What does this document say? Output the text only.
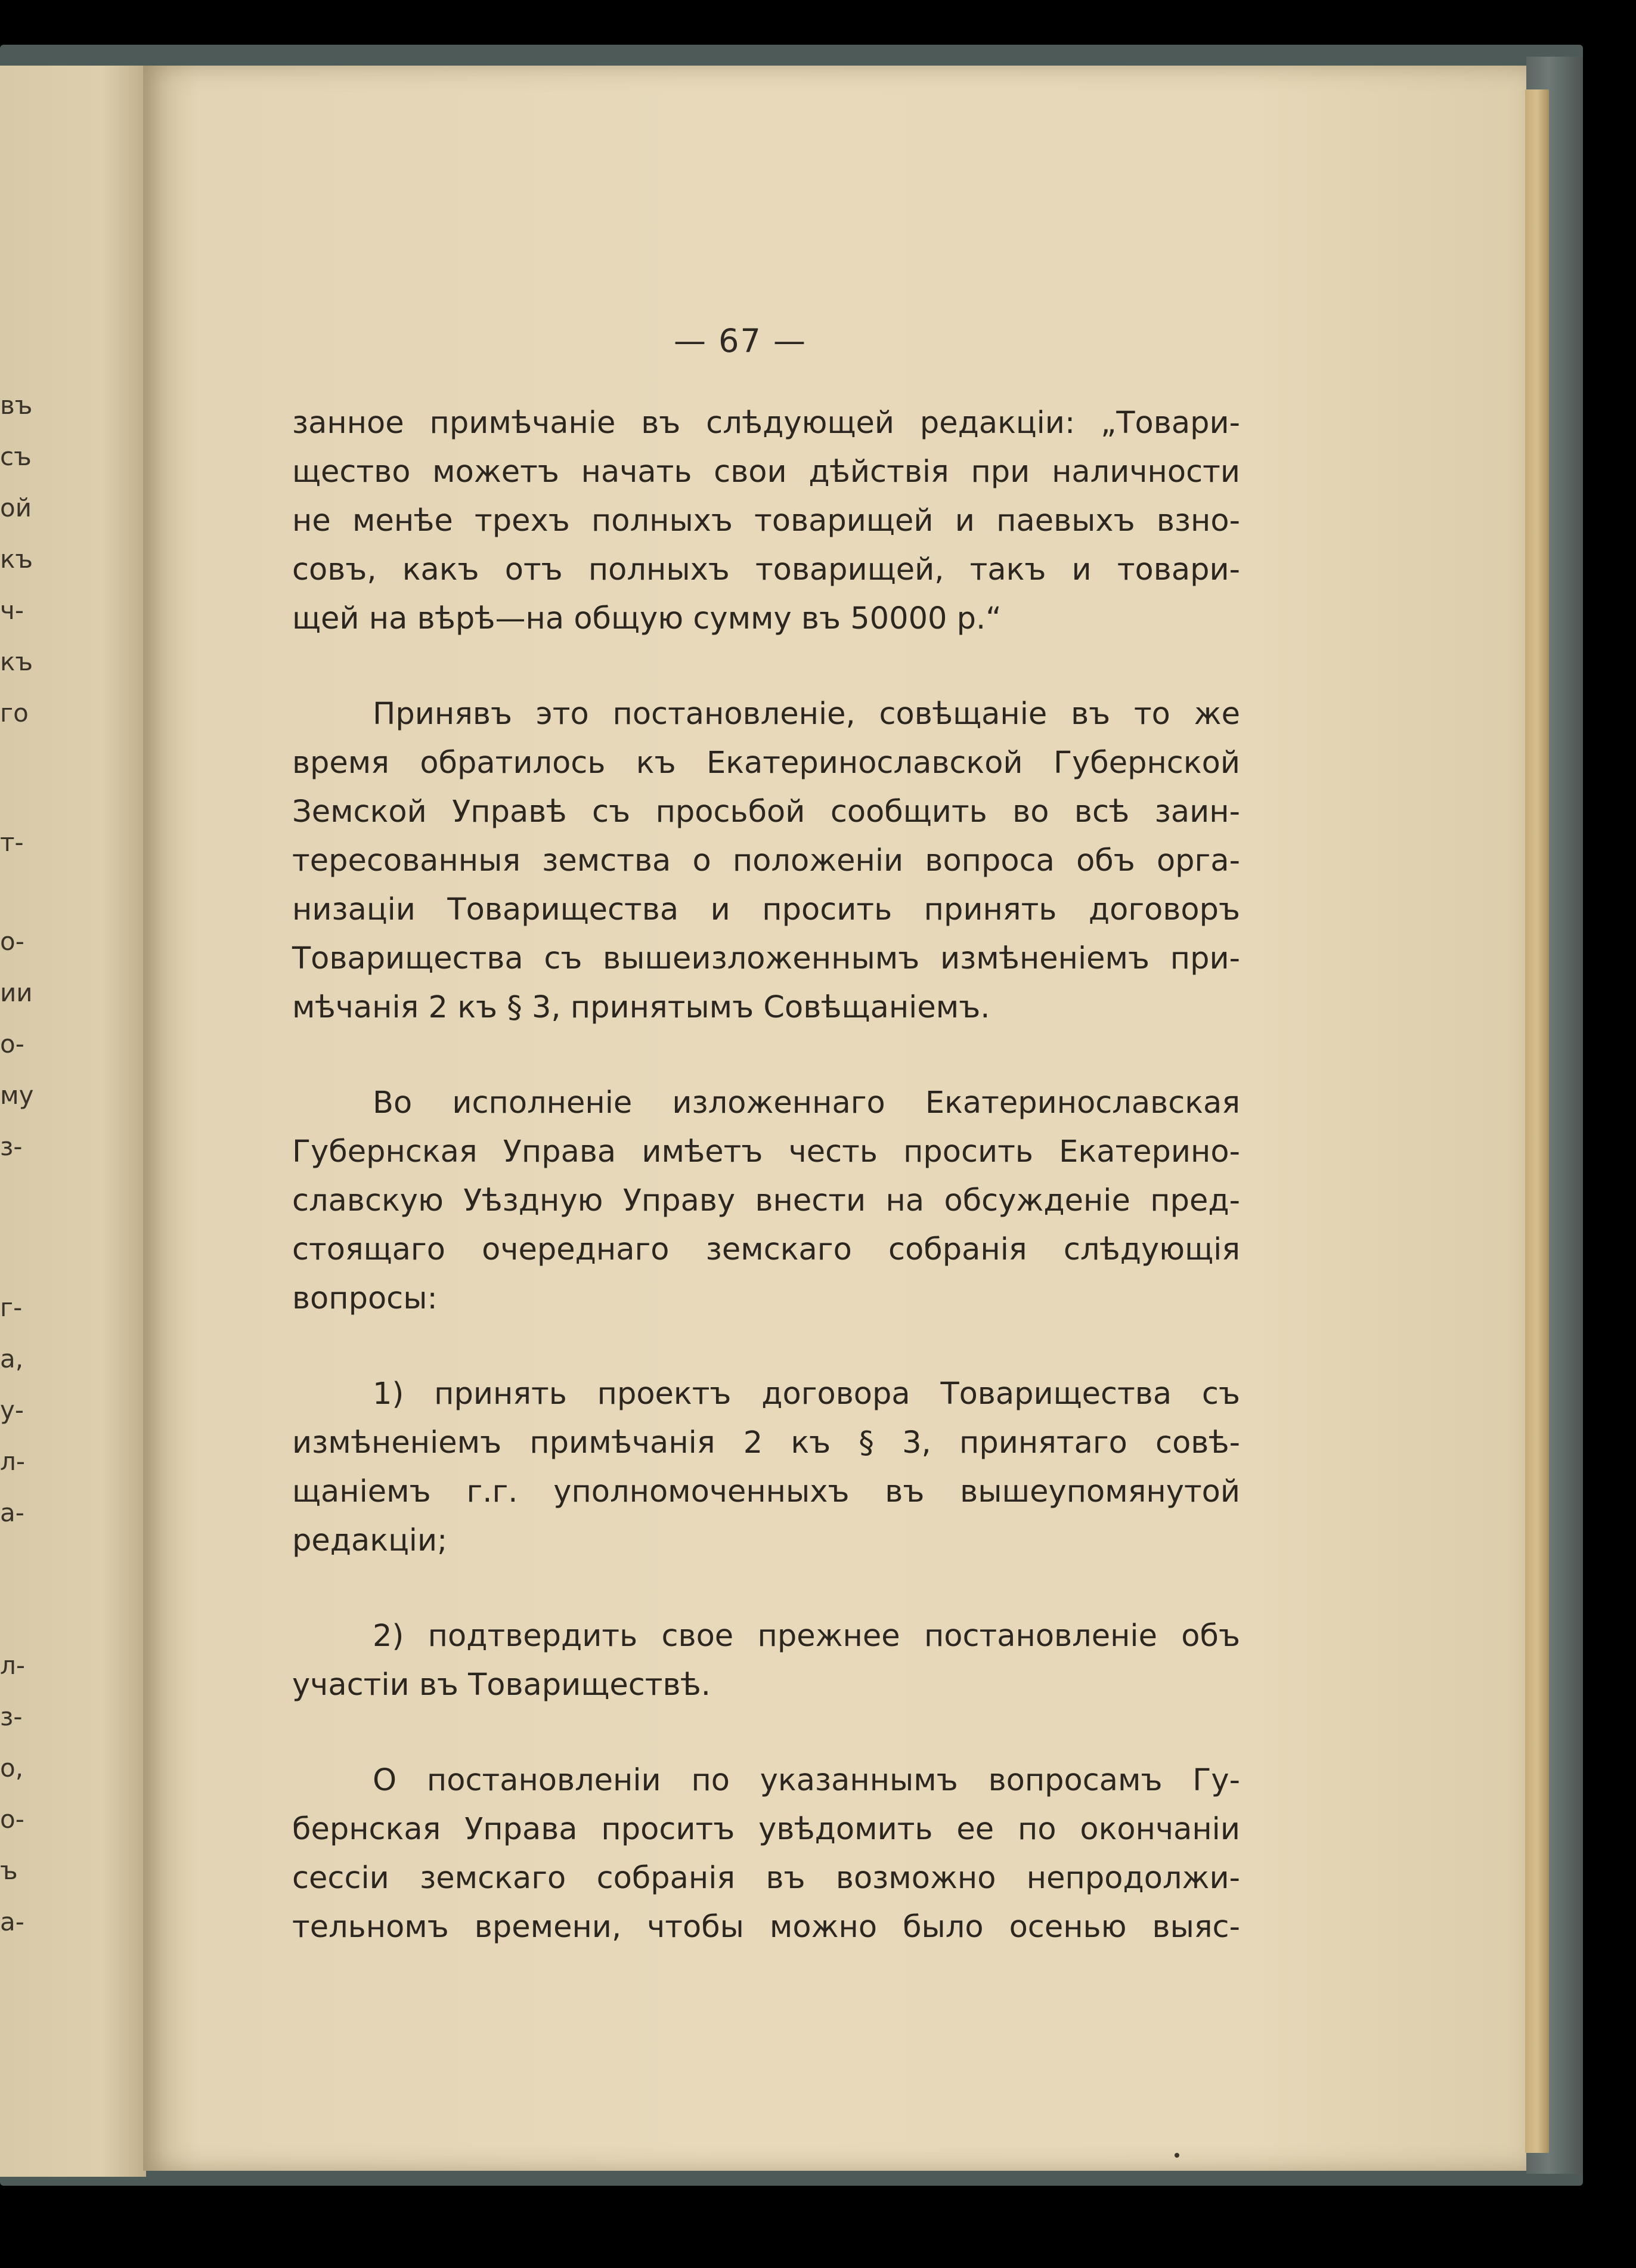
въ
съ
ой
къ
ч-
къ
го
т-
о-
ии
о-
му
з-
г-
а,
у-
л-
а-
л-
з-
о,
о-
ъ
а-
— 67 —
занное примѣчаніе въ слѣдующей редакціи: „Товари-
щество можетъ начать свои дѣйствія при наличности
не менѣе трехъ полныхъ товарищей и паевыхъ взно-
совъ, какъ отъ полныхъ товарищей, такъ и товари-
щей на вѣрѣ—на общую сумму въ 50000 р.“
Принявъ это постановленіе, совѣщаніе въ то же
время обратилось къ Екатеринославской Губернской
Земской Управѣ съ просьбой сообщить во всѣ заин-
тересованныя земства о положеніи вопроса объ орга-
низаціи Товарищества и просить принять договоръ
Товарищества съ вышеизложеннымъ измѣненіемъ при-
мѣчанія 2 къ § 3, принятымъ Совѣщаніемъ.
Во исполненіе изложеннаго Екатеринославская
Губернская Управа имѣетъ честь просить Екатерино-
славскую Уѣздную Управу внести на обсужденіе пред-
стоящаго очереднаго земскаго собранія слѣдующія
вопросы:
1) принять проектъ договора Товарищества съ
измѣненіемъ примѣчанія 2 къ § 3, принятаго совѣ-
щаніемъ г.г. уполномоченныхъ въ вышеупомянутой
редакціи;
2) подтвердить свое прежнее постановленіе объ
участіи въ Товариществѣ.
О постановленіи по указаннымъ вопросамъ Гу-
бернская Управа проситъ увѣдомить ее по окончаніи
сессіи земскаго собранія въ возможно непродолжи-
тельномъ времени, чтобы можно было осенью выяс-
